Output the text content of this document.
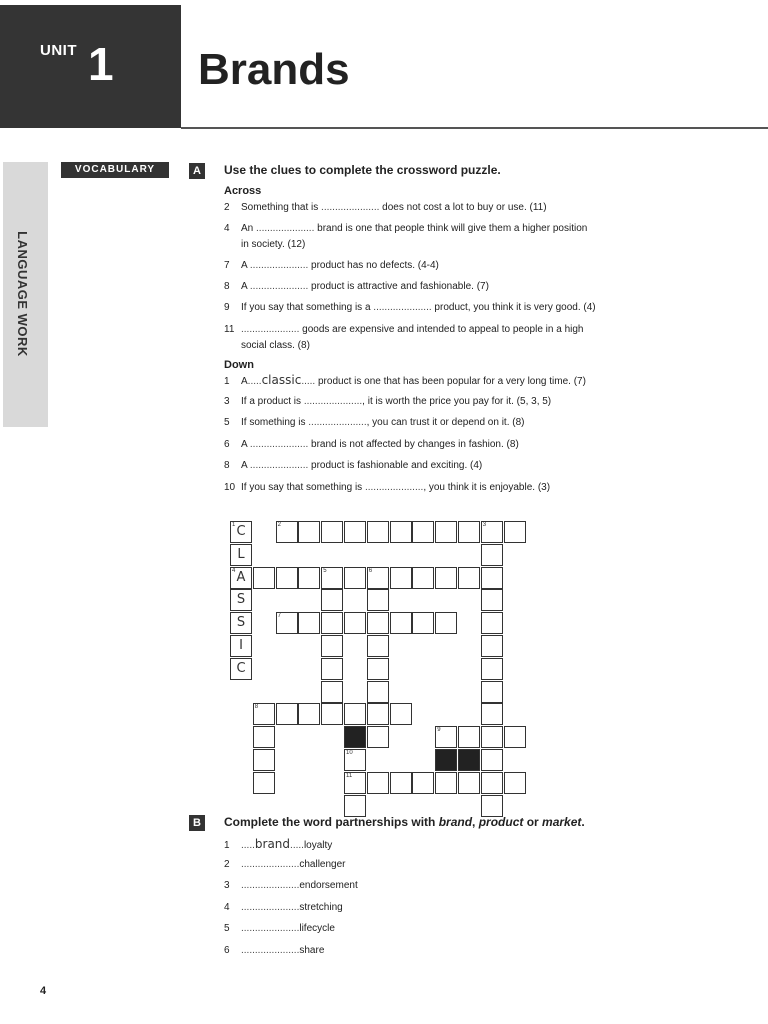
UNIT 1 Brands
LANGUAGE WORK
VOCABULARY	A	Use the clues to complete the crossword puzzle.
Across
2 Something that is ..................... does not cost a lot to buy or use. (11)
4 An ..................... brand is one that people think will give them a higher position
in society. (12)
7 A ..................... product has no defects. (4-4)
8 A ..................... product is attractive and fashionable. (7)
9 If you say that something is a ..................... product, you think it is very good. (4)
11 ..................... goods are expensive and intended to appeal to people in a high
social class. (8)
Down
1 A.....classic..... product is one that has been popular for a very long time. (7)
3 If a product is ....................., it is worth the price you pay for it. (5, 3, 5)
5 If something is ....................., you can trust it or depend on it. (8)
6 A ..................... brand is not affected by changes in fashion. (8)
8 A ..................... product is fashionable and exciting. (4)
10 If you say that something is ....................., you think it is enjoyable. (3)
1 C
L
4 A
S
S
I
C
2	3
5	6
7
8
9
10
11
B	Complete the word partnerships with brand, product or market.
1 .....brand.....loyalty
2 .....................challenger
3 .....................endorsement
4 .....................stretching
5 .....................lifecycle
6 .....................share
4
